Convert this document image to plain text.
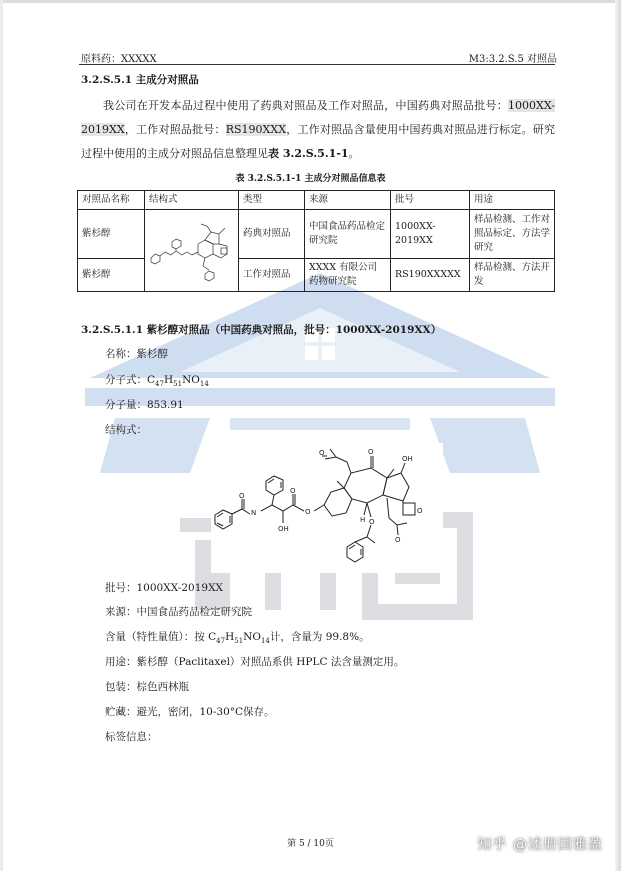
原料药：XXXXX	M3:3.2.S.5 对照品
3.2.S.5.1 主成分对照品
我公司在开发本品过程中使用了药典对照品及工作对照品，中国药典对照品批号：1000XX-2019XX，工作对照品批号：RS190XXX，工作对照品含量使用中国药典对照品进行标定。研究过程中使用的主成分对照品信息整理见表 3.2.S.5.1-1。
表 3.2.S.5.1-1 主成分对照品信息表
对照品名称	结构式	类型	来源	批号	用途
紫杉醇		药典对照品	中国食品药品检定研究院	1000XX-2019XX	样品检测、工作对照品标定、方法学研究
紫杉醇		工作对照品	XXXX 有限公司药物研究院	RS190XXXXX	样品检测、方法开发
3.2.S.5.1.1 紫杉醇对照品（中国药典对照品，批号：1000XX-2019XX）
名称：紫杉醇
分子式：$C_{47}H_{51}NO_{14}$
分子量：853.91
结构式：
O
N
OH
O
O
O	O
OH
H O
O
O
批号：1000XX-2019XX
来源：中国食品药品检定研究院
含量（特性量值）：按 $C_{47}H_{51}NO_{14}$计，含量为 99.8%。
用途：紫杉醇（Paclitaxel）对照品系供 HPLC 法含量测定用。
包装：棕色西林瓶
贮藏：避光，密闭，10-30°C保存。
标签信息：
第 5 / 10页	知乎 @述册国雅盈
